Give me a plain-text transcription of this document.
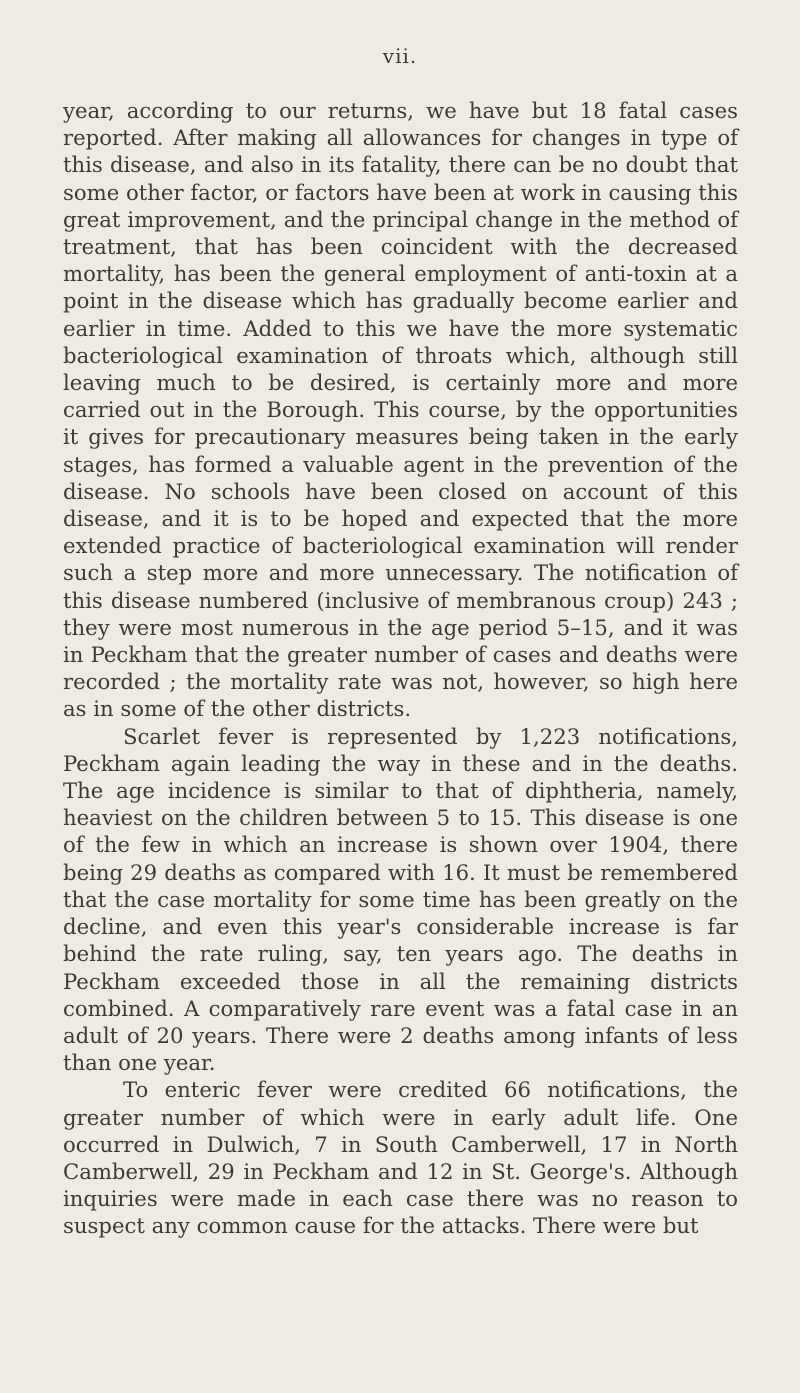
vii.

year, according to our returns, we have but 18 fatal cases reported. After making all allowances for changes in type of this disease, and also in its fatality, there can be no doubt that some other factor, or factors have been at work in causing this great improvement, and the principal change in the method of treatment, that has been coincident with the decreased mortality, has been the general employment of anti-toxin at a point in the disease which has gradually become earlier and earlier in time. Added to this we have the more systematic bacteriological examination of throats which, although still leaving much to be desired, is certainly more and more carried out in the Borough. This course, by the opportunities it gives for precautionary measures being taken in the early stages, has formed a valuable agent in the prevention of the disease. No schools have been closed on account of this disease, and it is to be hoped and expected that the more extended practice of bacteriological examination will render such a step more and more unnecessary. The notification of this disease numbered (inclusive of membranous croup) 243 ; they were most numerous in the age period 5–15, and it was in Peckham that the greater number of cases and deaths were recorded ; the mortality rate was not, however, so high here as in some of the other districts.

Scarlet fever is represented by 1,223 notifications, Peckham again leading the way in these and in the deaths. The age incidence is similar to that of diphtheria, namely, heaviest on the children between 5 to 15. This disease is one of the few in which an increase is shown over 1904, there being 29 deaths as compared with 16. It must be remembered that the case mortality for some time has been greatly on the decline, and even this year's considerable increase is far behind the rate ruling, say, ten years ago. The deaths in Peckham exceeded those in all the remaining districts combined. A comparatively rare event was a fatal case in an adult of 20 years. There were 2 deaths among infants of less than one year.

To enteric fever were credited 66 notifications, the greater number of which were in early adult life. One occurred in Dulwich, 7 in South Camberwell, 17 in North Camberwell, 29 in Peckham and 12 in St. George's. Although inquiries were made in each case there was no reason to suspect any common cause for the attacks. There were but
